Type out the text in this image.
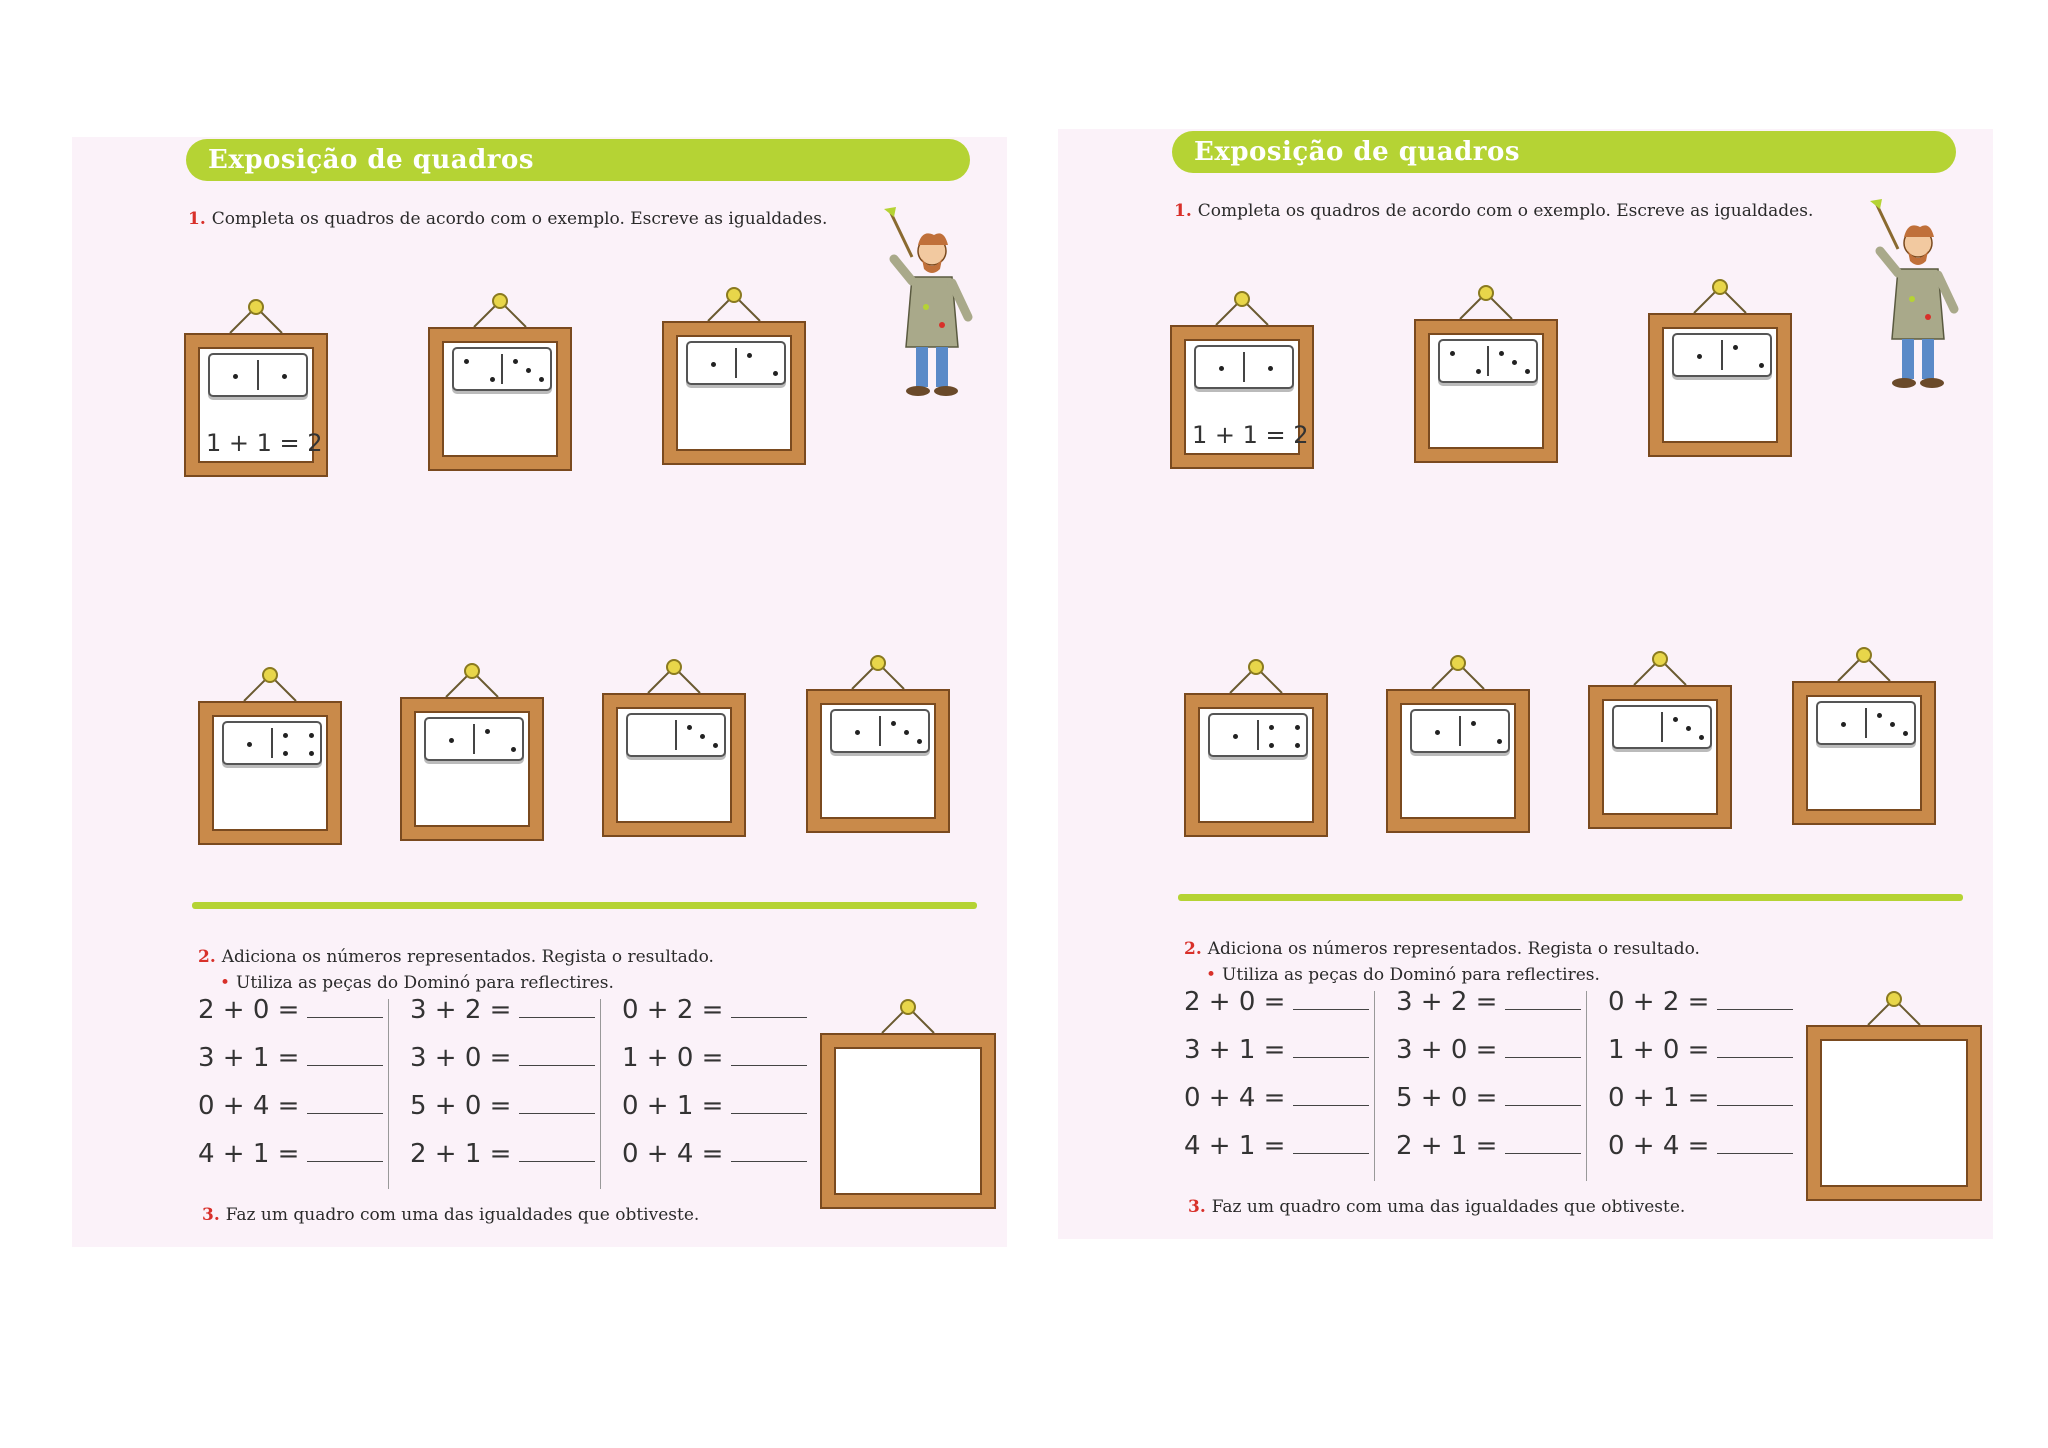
Exposição de quadros
1. Completa os quadros de acordo com o exemplo. Escreve as igualdades.
1 + 1 = 2
2. Adiciona os números representados. Regista o resultado.
• Utiliza as peças do Dominó para reflectires.
2 + 0 =
3 + 1 =
0 + 4 =
4 + 1 =
3 + 2 =
3 + 0 =
5 + 0 =
2 + 1 =
0 + 2 =
1 + 0 =
0 + 1 =
0 + 4 =
3. Faz um quadro com uma das igualdades que obtiveste.
Exposição de quadros
1. Completa os quadros de acordo com o exemplo. Escreve as igualdades.
1 + 1 = 2
2. Adiciona os números representados. Regista o resultado.
• Utiliza as peças do Dominó para reflectires.
2 + 0 =
3 + 1 =
0 + 4 =
4 + 1 =
3 + 2 =
3 + 0 =
5 + 0 =
2 + 1 =
0 + 2 =
1 + 0 =
0 + 1 =
0 + 4 =
3. Faz um quadro com uma das igualdades que obtiveste.
